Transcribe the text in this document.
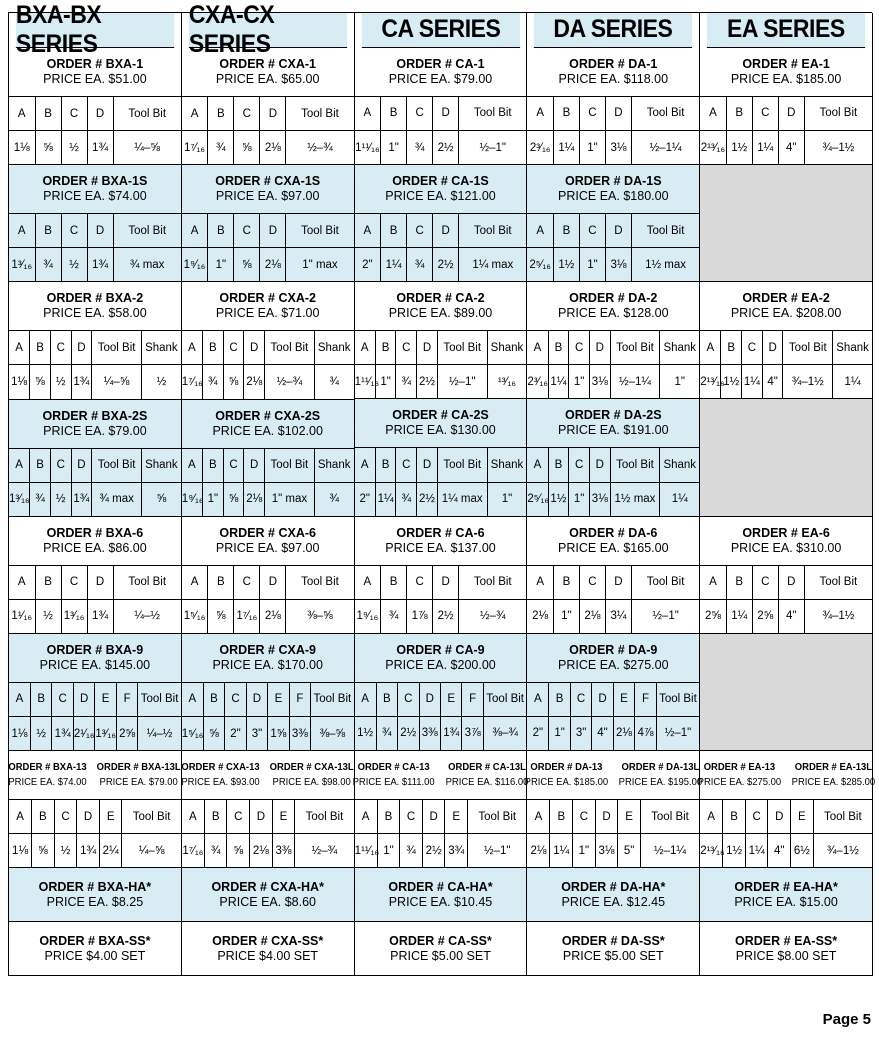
BXA-BX SERIES
ORDER # BXA-1
PRICE EA. $51.00
A	B	C	D	Tool Bit
1⅛	⅝	½	1¾	¼–⅝
ORDER # BXA-1S
PRICE EA. $74.00
A	B	C	D	Tool Bit
1³⁄₁₆	¾	½	1¾	¾ max
ORDER # BXA-2
PRICE EA. $58.00
A	B	C	D	Tool Bit	Shank
1⅛	⅝	½	1¾	¼–⅝	½
ORDER # BXA-2S
PRICE EA. $79.00
A	B	C	D	Tool Bit	Shank
1³⁄₁₆	¾	½	1¾	¾ max	⅝
ORDER # BXA-6
PRICE EA. $86.00
A	B	C	D	Tool Bit
1¹⁄₁₆	½	1³⁄₁₆	1¾	¼–½
ORDER # BXA-9
PRICE EA. $145.00
A	B	C	D	E	F	Tool Bit
1⅛	½	1¾	2¹⁄₁₆	1³⁄₁₆	2⅝	¼–½
ORDER # BXA-13
PRICE EA. $74.00
ORDER # BXA-13L
PRICE EA. $79.00
A	B	C	D	E	Tool Bit
1⅛	⅝	½	1¾	2¼	¼–⅝
ORDER # BXA-HA*
PRICE EA. $8.25
ORDER # BXA-SS*
PRICE $4.00 SET
CXA-CX SERIES
ORDER # CXA-1
PRICE EA. $65.00
A	B	C	D	Tool Bit
1⁷⁄₁₆	¾	⅝	2⅛	½–¾
ORDER # CXA-1S
PRICE EA. $97.00
A	B	C	D	Tool Bit
1⁹⁄₁₆	1"	⅝	2⅛	1" max
ORDER # CXA-2
PRICE EA. $71.00
A	B	C	D	Tool Bit	Shank
1⁷⁄₁₆	¾	⅝	2⅛	½–¾	¾
ORDER # CXA-2S
PRICE EA. $102.00
A	B	C	D	Tool Bit	Shank
1⁹⁄₁₆	1"	⅝	2⅛	1" max	¾
ORDER # CXA-6
PRICE EA. $97.00
A	B	C	D	Tool Bit
1⁵⁄₁₆	⅝	1⁷⁄₁₆	2⅛	⅜–⅝
ORDER # CXA-9
PRICE EA. $170.00
A	B	C	D	E	F	Tool Bit
1⁵⁄₁₆	⅝	2"	3"	1⅝	3⅜	⅜–⅝
ORDER # CXA-13
PRICE EA. $93.00
ORDER # CXA-13L
PRICE EA. $98.00
A	B	C	D	E	Tool Bit
1⁷⁄₁₆	¾	⅝	2⅛	3⅜	½–¾
ORDER # CXA-HA*
PRICE EA. $8.60
ORDER # CXA-SS*
PRICE $4.00 SET
CA SERIES
ORDER # CA-1
PRICE EA. $79.00
A	B	C	D	Tool Bit
1¹¹⁄₁₆	1"	¾	2½	½–1"
ORDER # CA-1S
PRICE EA. $121.00
A	B	C	D	Tool Bit
2"	1¼	¾	2½	1¼ max
ORDER # CA-2
PRICE EA. $89.00
A	B	C	D	Tool Bit	Shank
1¹¹⁄₁₆	1"	¾	2½	½–1"	¹³⁄₁₆
ORDER # CA-2S
PRICE EA. $130.00
A	B	C	D	Tool Bit	Shank
2"	1¼	¾	2½	1¼ max	1"
ORDER # CA-6
PRICE EA. $137.00
A	B	C	D	Tool Bit
1⁹⁄₁₆	¾	1⅞	2½	½–¾
ORDER # CA-9
PRICE EA. $200.00
A	B	C	D	E	F	Tool Bit
1½	¾	2½	3⅜	1¾	3⅞	⅜–¾
ORDER # CA-13
PRICE EA. $111.00
ORDER # CA-13L
PRICE EA. $116.00
A	B	C	D	E	Tool Bit
1¹¹⁄₁₆	1"	¾	2½	3¾	½–1"
ORDER # CA-HA*
PRICE EA. $10.45
ORDER # CA-SS*
PRICE $5.00 SET
DA SERIES
ORDER # DA-1
PRICE EA. $118.00
A	B	C	D	Tool Bit
2³⁄₁₆	1¼	1"	3⅛	½–1¼
ORDER # DA-1S
PRICE EA. $180.00
A	B	C	D	Tool Bit
2⁵⁄₁₆	1½	1"	3⅛	1½ max
ORDER # DA-2
PRICE EA. $128.00
A	B	C	D	Tool Bit	Shank
2³⁄₁₆	1¼	1"	3⅛	½–1¼	1"
ORDER # DA-2S
PRICE EA. $191.00
A	B	C	D	Tool Bit	Shank
2⁵⁄₁₆	1½	1"	3⅛	1½ max	1¼
ORDER # DA-6
PRICE EA. $165.00
A	B	C	D	Tool Bit
2⅛	1"	2⅛	3¼	½–1"
ORDER # DA-9
PRICE EA. $275.00
A	B	C	D	E	F	Tool Bit
2"	1"	3"	4"	2⅛	4⅞	½–1"
ORDER # DA-13
PRICE EA. $185.00
ORDER # DA-13L
PRICE EA. $195.00
A	B	C	D	E	Tool Bit
2⅛	1¼	1"	3⅛	5"	½–1¼
ORDER # DA-HA*
PRICE EA. $12.45
ORDER # DA-SS*
PRICE $5.00 SET
EA SERIES
ORDER # EA-1
PRICE EA. $185.00
A	B	C	D	Tool Bit
2¹³⁄₁₆	1½	1¼	4"	¾–1½
ORDER # EA-2
PRICE EA. $208.00
A	B	C	D	Tool Bit	Shank
2¹³⁄₁₆	1½	1¼	4"	¾–1½	1¼
ORDER # EA-6
PRICE EA. $310.00
A	B	C	D	Tool Bit
2⅝	1¼	2⅝	4"	¾–1½
ORDER # EA-13
PRICE EA. $275.00
ORDER # EA-13L
PRICE EA. $285.00
A	B	C	D	E	Tool Bit
2¹³⁄₁₆	1½	1¼	4"	6½	¾–1½
ORDER # EA-HA*
PRICE EA. $15.00
ORDER # EA-SS*
PRICE $8.00 SET
Page 5
